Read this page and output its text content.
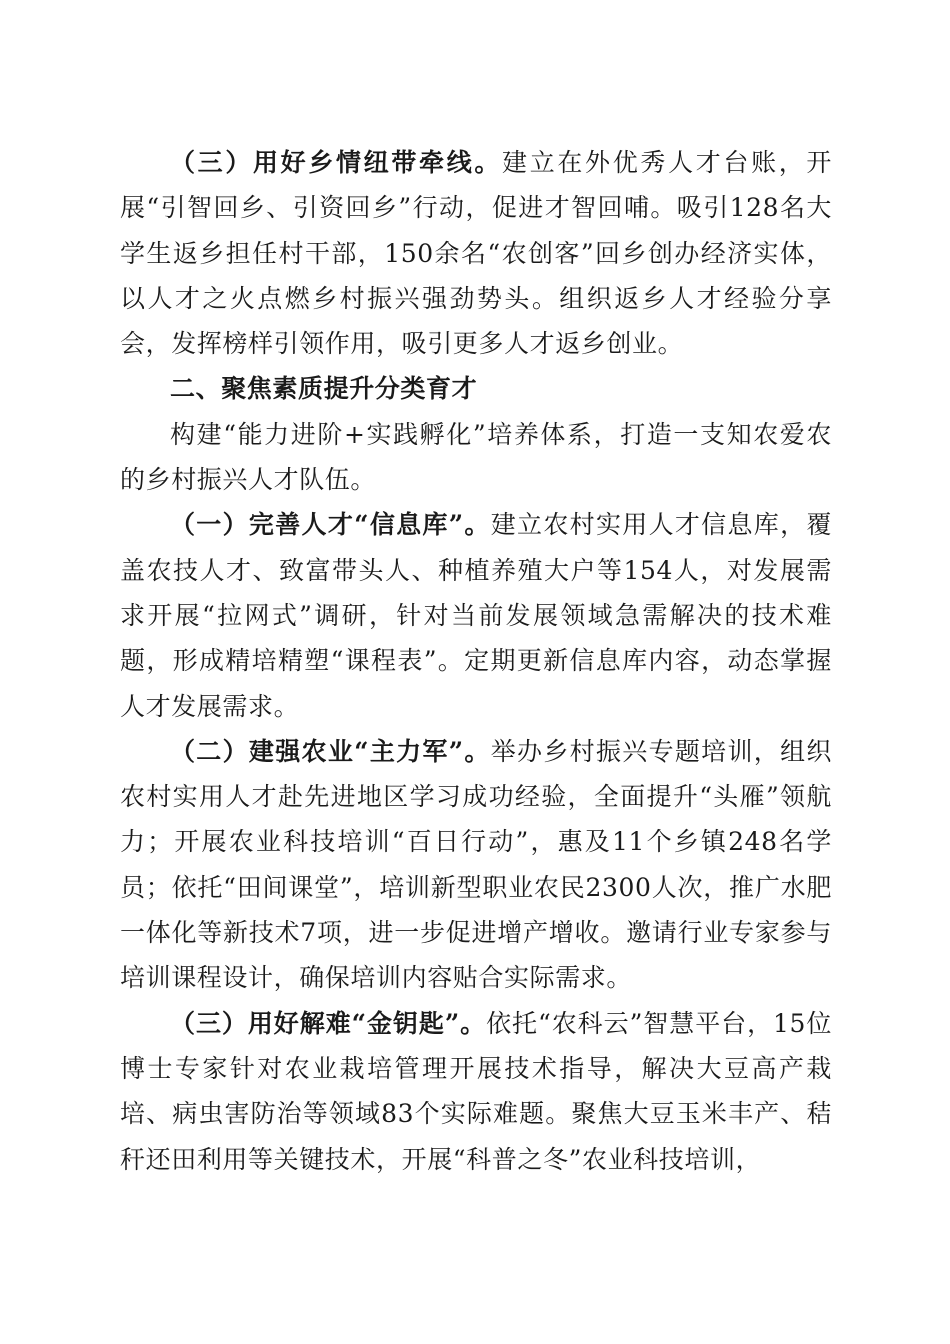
（三）用好乡情纽带牵线。建立在外优秀人才台账，开展“引智回乡、引资回乡”行动，促进才智回哺。吸引128名大学生返乡担任村干部，150余名“农创客”回乡创办经济实体，以人才之火点燃乡村振兴强劲势头。组织返乡人才经验分享会，发挥榜样引领作用，吸引更多人才返乡创业。

二、聚焦素质提升分类育才

构建“能力进阶+实践孵化”培养体系，打造一支知农爱农的乡村振兴人才队伍。

（一）完善人才“信息库”。建立农村实用人才信息库，覆盖农技人才、致富带头人、种植养殖大户等154人，对发展需求开展“拉网式”调研，针对当前发展领域急需解决的技术难题，形成精培精塑“课程表”。定期更新信息库内容，动态掌握人才发展需求。

（二）建强农业“主力军”。举办乡村振兴专题培训，组织农村实用人才赴先进地区学习成功经验，全面提升“头雁”领航力；开展农业科技培训“百日行动”，惠及11个乡镇248名学员；依托“田间课堂”，培训新型职业农民2300人次，推广水肥一体化等新技术7项，进一步促进增产增收。邀请行业专家参与培训课程设计，确保培训内容贴合实际需求。

（三）用好解难“金钥匙”。依托“农科云”智慧平台，15位博士专家针对农业栽培管理开展技术指导，解决大豆高产栽培、病虫害防治等领域83个实际难题。聚焦大豆玉米丰产、秸秆还田利用等关键技术，开展“科普之冬”农业科技培训，
